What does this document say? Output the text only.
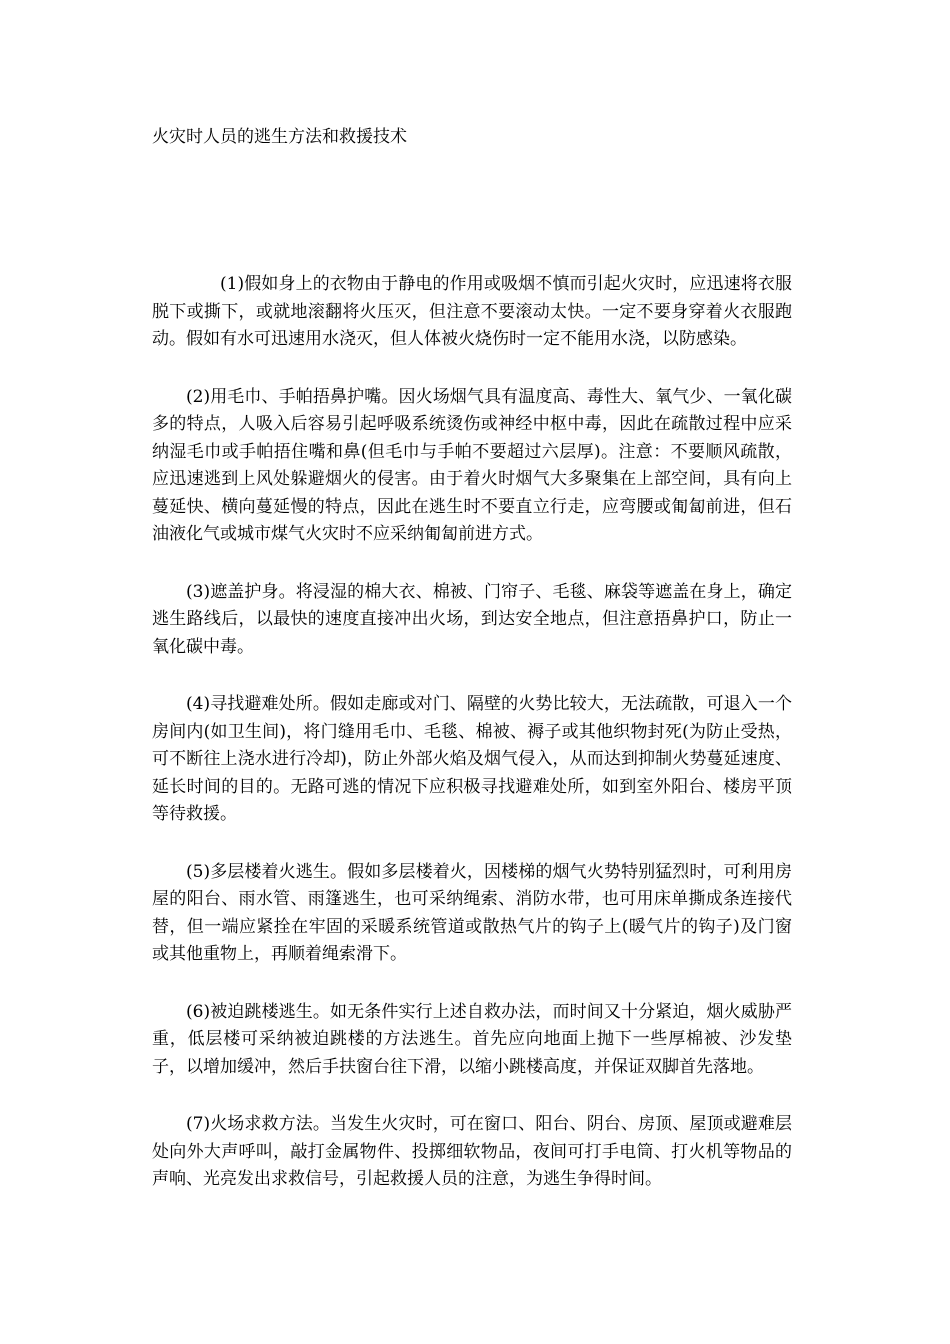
火灾时人员的逃生方法和救援技术

(1)假如身上的衣物由于静电的作用或吸烟不慎而引起火灾时，应迅速将衣服脱下或撕下，或就地滚翻将火压灭，但注意不要滚动太快。一定不要身穿着火衣服跑动。假如有水可迅速用水浇灭，但人体被火烧伤时一定不能用水浇，以防感染。

(2)用毛巾、手帕捂鼻护嘴。因火场烟气具有温度高、毒性大、氧气少、一氧化碳多的特点，人吸入后容易引起呼吸系统烫伤或神经中枢中毒，因此在疏散过程中应采纳湿毛巾或手帕捂住嘴和鼻(但毛巾与手帕不要超过六层厚)。注意：不要顺风疏散，应迅速逃到上风处躲避烟火的侵害。由于着火时烟气大多聚集在上部空间，具有向上蔓延快、横向蔓延慢的特点，因此在逃生时不要直立行走，应弯腰或匍匐前进，但石油液化气或城市煤气火灾时不应采纳匍匐前进方式。

(3)遮盖护身。将浸湿的棉大衣、棉被、门帘子、毛毯、麻袋等遮盖在身上，确定逃生路线后，以最快的速度直接冲出火场，到达安全地点，但注意捂鼻护口，防止一氧化碳中毒。

(4)寻找避难处所。假如走廊或对门、隔壁的火势比较大，无法疏散，可退入一个房间内(如卫生间)，将门缝用毛巾、毛毯、棉被、褥子或其他织物封死(为防止受热，可不断往上浇水进行冷却)，防止外部火焰及烟气侵入，从而达到抑制火势蔓延速度、延长时间的目的。无路可逃的情况下应积极寻找避难处所，如到室外阳台、楼房平顶等待救援。

(5)多层楼着火逃生。假如多层楼着火，因楼梯的烟气火势特别猛烈时，可利用房屋的阳台、雨水管、雨篷逃生，也可采纳绳索、消防水带，也可用床单撕成条连接代替，但一端应紧拴在牢固的采暖系统管道或散热气片的钩子上(暖气片的钩子)及门窗或其他重物上，再顺着绳索滑下。

(6)被迫跳楼逃生。如无条件实行上述自救办法，而时间又十分紧迫，烟火威胁严重，低层楼可采纳被迫跳楼的方法逃生。首先应向地面上抛下一些厚棉被、沙发垫子，以增加缓冲，然后手扶窗台往下滑，以缩小跳楼高度，并保证双脚首先落地。

(7)火场求救方法。当发生火灾时，可在窗口、阳台、阴台、房顶、屋顶或避难层处向外大声呼叫，敲打金属物件、投掷细软物品，夜间可打手电筒、打火机等物品的声响、光亮发出求救信号，引起救援人员的注意，为逃生争得时间。
